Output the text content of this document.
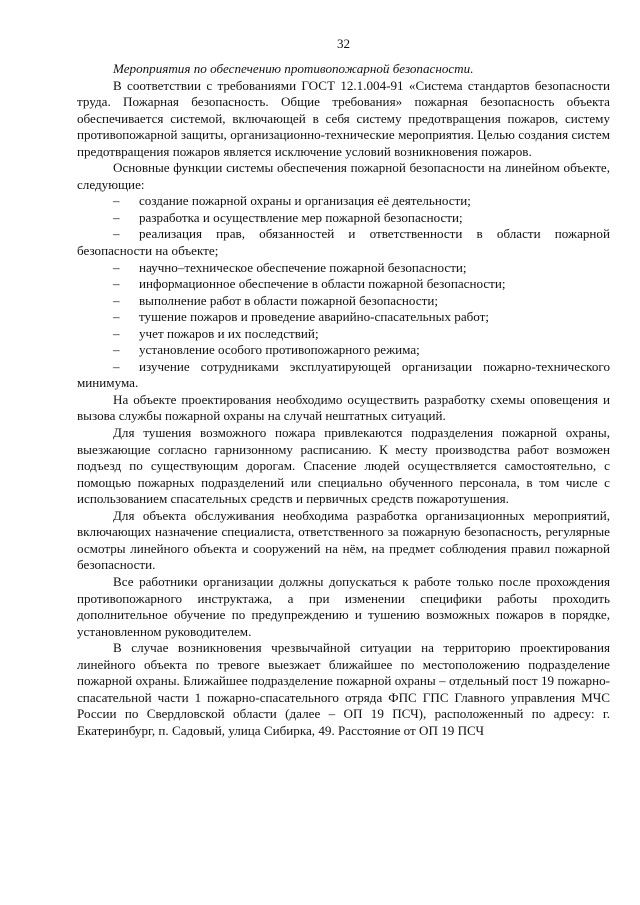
32

Мероприятия по обеспечению противопожарной безопасности.

В соответствии с требованиями ГОСТ 12.1.004-91 «Система стандартов безопасности труда. Пожарная безопасность. Общие требования» пожарная безопасность объекта обеспечивается системой, включающей в себя систему предотвращения пожаров, систему противопожарной защиты, организационно-технические мероприятия. Целью создания систем предотвращения пожаров является исключение условий возникновения пожаров.

Основные функции системы обеспечения пожарной безопасности на линейном объекте, следующие:

– создание пожарной охраны и организация её деятельности;
– разработка и осуществление мер пожарной безопасности;
– реализация прав, обязанностей и ответственности в области пожарной безопасности на объекте;
– научно–техническое обеспечение пожарной безопасности;
– информационное обеспечение в области пожарной безопасности;
– выполнение работ в области пожарной безопасности;
– тушение пожаров и проведение аварийно-спасательных работ;
– учет пожаров и их последствий;
– установление особого противопожарного режима;
– изучение сотрудниками эксплуатирующей организации пожарно-технического минимума.

На объекте проектирования необходимо осуществить разработку схемы оповещения и вызова службы пожарной охраны на случай нештатных ситуаций.

Для тушения возможного пожара привлекаются подразделения пожарной охраны, выезжающие согласно гарнизонному расписанию. К месту производства работ возможен подъезд по существующим дорогам. Спасение людей осуществляется самостоятельно, с помощью пожарных подразделений или специально обученного персонала, в том числе с использованием спасательных средств и первичных средств пожаротушения.

Для объекта обслуживания необходима разработка организационных мероприятий, включающих назначение специалиста, ответственного за пожарную безопасность, регулярные осмотры линейного объекта и сооружений на нём, на предмет соблюдения правил пожарной безопасности.

Все работники организации должны допускаться к работе только после прохождения противопожарного инструктажа, а при изменении специфики работы проходить дополнительное обучение по предупреждению и тушению возможных пожаров в порядке, установленном руководителем.

В случае возникновения чрезвычайной ситуации на территорию проектирования линейного объекта по тревоге выезжает ближайшее по местоположению подразделение пожарной охраны. Ближайшее подразделение пожарной охраны – отдельный пост 19 пожарно-спасательной части 1 пожарно-спасательного отряда ФПС ГПС Главного управления МЧС России по Свердловской области (далее – ОП 19 ПСЧ), расположенный по адресу: г. Екатеринбург, п. Садовый, улица Сибирка, 49. Расстояние от ОП 19 ПСЧ
